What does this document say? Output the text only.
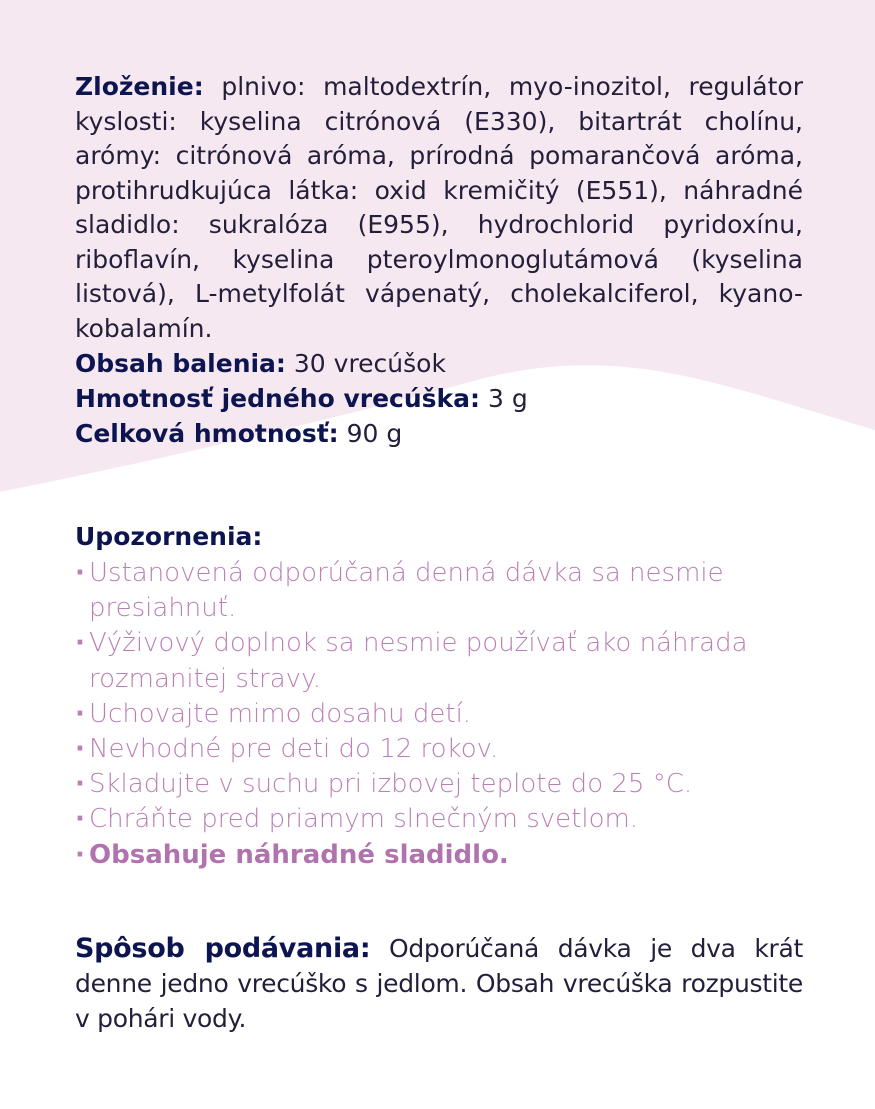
Zloženie: plnivo: maltodextrín, myo-inozitol, regulátor kyslosti: kyselina citrónová (E330), bitartrát cholínu, arómy: citrónová aróma, prírodná pomarančová aróma, protihrudkujúca látka: oxid kremičitý (E551), náhradné sladidlo: sukralóza (E955), hydrochlorid pyridoxínu, riboflavín, kyselina pteroylmonoglutámová (kyselina listová), L-metylfolát vápenatý, cholekalciferol, kyano-kobalamín.

Obsah balenia: 30 vrecúšok

Hmotnosť jedného vrecúška: 3 g

Celková hmotnosť: 90 g

Upozornenia:
· Ustanovená odporúčaná denná dávka sa nesmie presiahnuť.
· Výživový doplnok sa nesmie používať ako náhrada rozmanitej stravy.
· Uchovajte mimo dosahu detí.
· Nevhodné pre deti do 12 rokov.
· Skladujte v suchu pri izbovej teplote do 25 °C.
· Chráňte pred priamym slnečným svetlom.
· Obsahuje náhradné sladidlo.

Spôsob podávania: Odporúčaná dávka je dva krát denne jedno vrecúško s jedlom. Obsah vrecúška rozpustite v pohári vody.
